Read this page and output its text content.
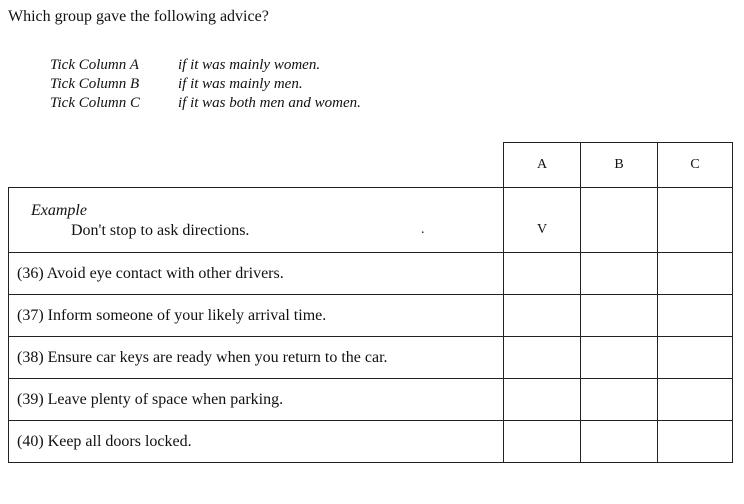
Which group gave the following advice?
Tick Column A	if it was mainly women.
Tick Column B	if it was mainly men.
Tick Column C	if it was both men and women.
	A	B	C

Example
Don't stop to ask directions. .	V		
(36) Avoid eye contact with other drivers.			
(37) Inform someone of your likely arrival time.			
(38) Ensure car keys are ready when you return to the car.			
(39) Leave plenty of space when parking.			
(40) Keep all doors locked.			
